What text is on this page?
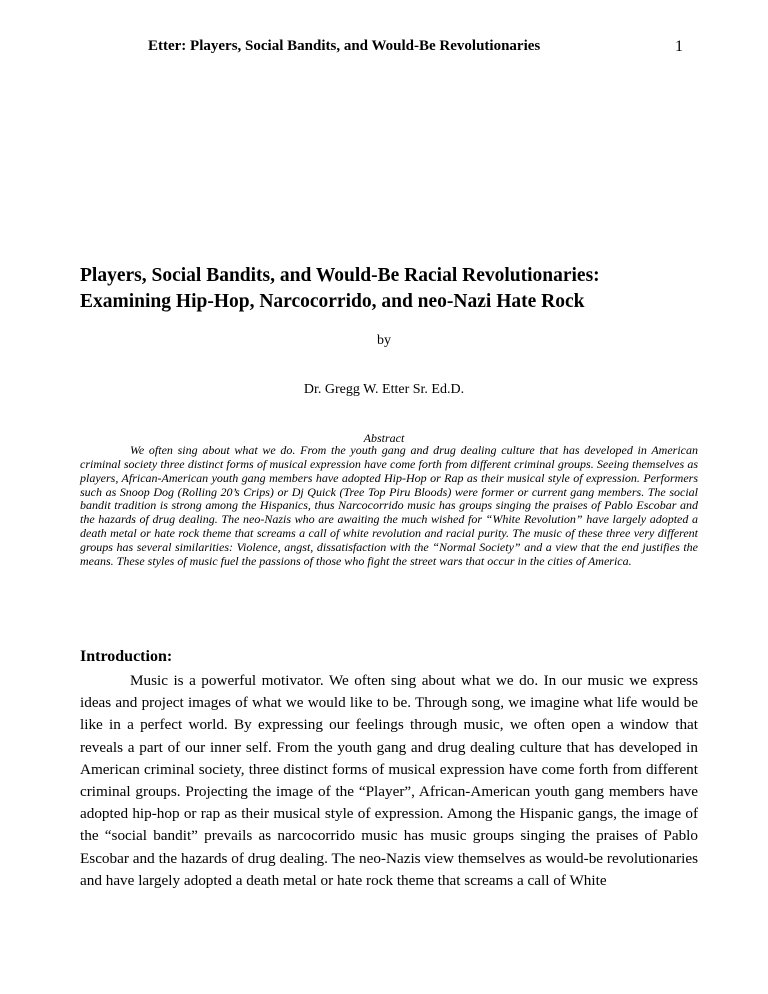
Etter: Players, Social Bandits, and Would-Be Revolutionaries	1
Players, Social Bandits, and Would-Be Racial Revolutionaries:
Examining Hip-Hop, Narcocorrido, and neo-Nazi Hate Rock
by
Dr. Gregg W. Etter Sr. Ed.D.
Abstract

We often sing about what we do. From the youth gang and drug dealing culture that has developed in American criminal society three distinct forms of musical expression have come forth from different criminal groups. Seeing themselves as players, African-American youth gang members have adopted Hip-Hop or Rap as their musical style of expression. Performers such as Snoop Dog (Rolling 20’s Crips) or Dj Quick (Tree Top Piru Bloods) were former or current gang members. The social bandit tradition is strong among the Hispanics, thus Narcocorrido music has groups singing the praises of Pablo Escobar and the hazards of drug dealing. The neo-Nazis who are awaiting the much wished for “White Revolution” have largely adopted a death metal or hate rock theme that screams a call of white revolution and racial purity. The music of these three very different groups has several similarities: Violence, angst, dissatisfaction with the “Normal Society” and a view that the end justifies the means. These styles of music fuel the passions of those who fight the street wars that occur in the cities of America.

Introduction:

Music is a powerful motivator. We often sing about what we do. In our music we express ideas and project images of what we would like to be. Through song, we imagine what life would be like in a perfect world. By expressing our feelings through music, we often open a window that reveals a part of our inner self. From the youth gang and drug dealing culture that has developed in American criminal society, three distinct forms of musical expression have come forth from different criminal groups. Projecting the image of the “Player”, African-American youth gang members have adopted hip-hop or rap as their musical style of expression. Among the Hispanic gangs, the image of the “social bandit” prevails as narcocorrido music has music groups singing the praises of Pablo Escobar and the hazards of drug dealing. The neo-Nazis view themselves as would-be revolutionaries and have largely adopted a death metal or hate rock theme that screams a call of White
